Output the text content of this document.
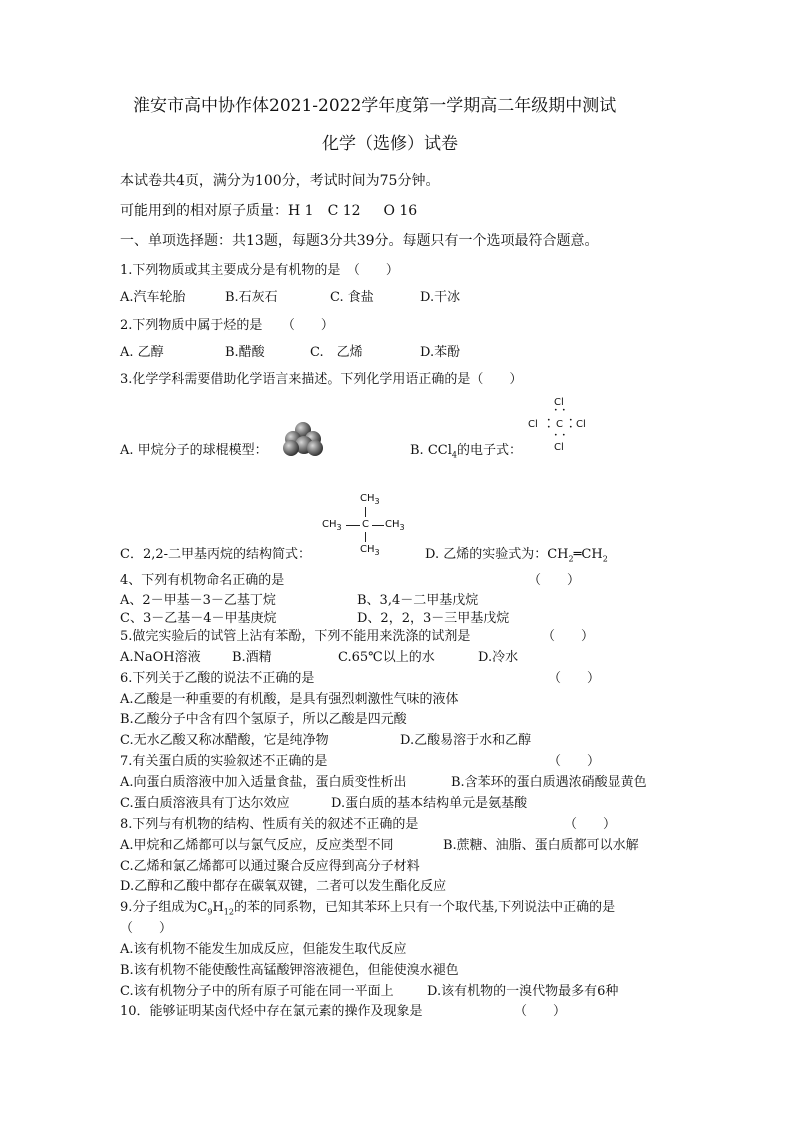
淮安市高中协作体2021-2022学年度第一学期高二年级期中测试
化学（选修）试卷
本试卷共4页，满分为100分，考试时间为75分钟。
可能用到的相对原子质量：H 1　C 12　  O 16
一、单项选择题：共13题，每题3分共39分。每题只有一个选项最符合题意。
1.下列物质或其主要成分是有机物的是　（　　）
A.汽车轮胎	B.石灰石	C. 食盐	D.干冰
2.下列物质中属于烃的是　　（　　）
A. 乙醇	B.醋酸	C.　乙烯	D.苯酚
3.化学学科需要借助化学语言来描述。下列化学用语正确的是（　　）
A. 甲烷分子的球棍模型：	B. CCl$_4$的电子式：
Cl
• •
Cl •
• C •
• Cl
• •
Cl
C．2,2-二甲基丙烷的结构简式：
$CH_3$
$CH_3$ C $CH_3$
$CH_3$	D. 乙烯的实验式为：$CH_2═CH_2$
4、下列有机物命名正确的是	（　　）
A、2－甲基－3－乙基丁烷	B、3,4－二甲基戊烷
C、3－乙基－4－甲基庚烷	D、2，2，3－三甲基戊烷
5.做完实验后的试管上沾有苯酚，下列不能用来洗涤的试剂是	（　　）
A.NaOH溶液 B.酒精	C.65℃以上的水	D.冷水
6.下列关于乙酸的说法不正确的是	（　　）
A.乙酸是一种重要的有机酸，是具有强烈刺激性气味的液体
B.乙酸分子中含有四个氢原子，所以乙酸是四元酸
C.无水乙酸又称冰醋酸，它是纯净物	D.乙酸易溶于水和乙醇
7.有关蛋白质的实验叙述不正确的是	（　　）
A.向蛋白质溶液中加入适量食盐，蛋白质变性析出	B.含苯环的蛋白质遇浓硝酸显黄色
C.蛋白质溶液具有丁达尔效应	D.蛋白质的基本结构单元是氨基酸
8.下列与有机物的结构、性质有关的叙述不正确的是	（　　）
A.甲烷和乙烯都可以与氯气反应，反应类型不同	B.蔗糖、油脂、蛋白质都可以水解
C.乙烯和氯乙烯都可以通过聚合反应得到高分子材料
D.乙醇和乙酸中都存在碳氧双键，二者可以发生酯化反应
9.分子组成为$C_9H_{12}$的苯的同系物，已知其苯环上只有一个取代基,下列说法中正确的是
（　　）
A.该有机物不能发生加成反应，但能发生取代反应
B.该有机物不能使酸性高锰酸钾溶液褪色，但能使溴水褪色
C.该有机物分子中的所有原子可能在同一平面上	D.该有机物的一溴代物最多有6种
10．能够证明某卤代烃中存在氯元素的操作及现象是	（　　）
